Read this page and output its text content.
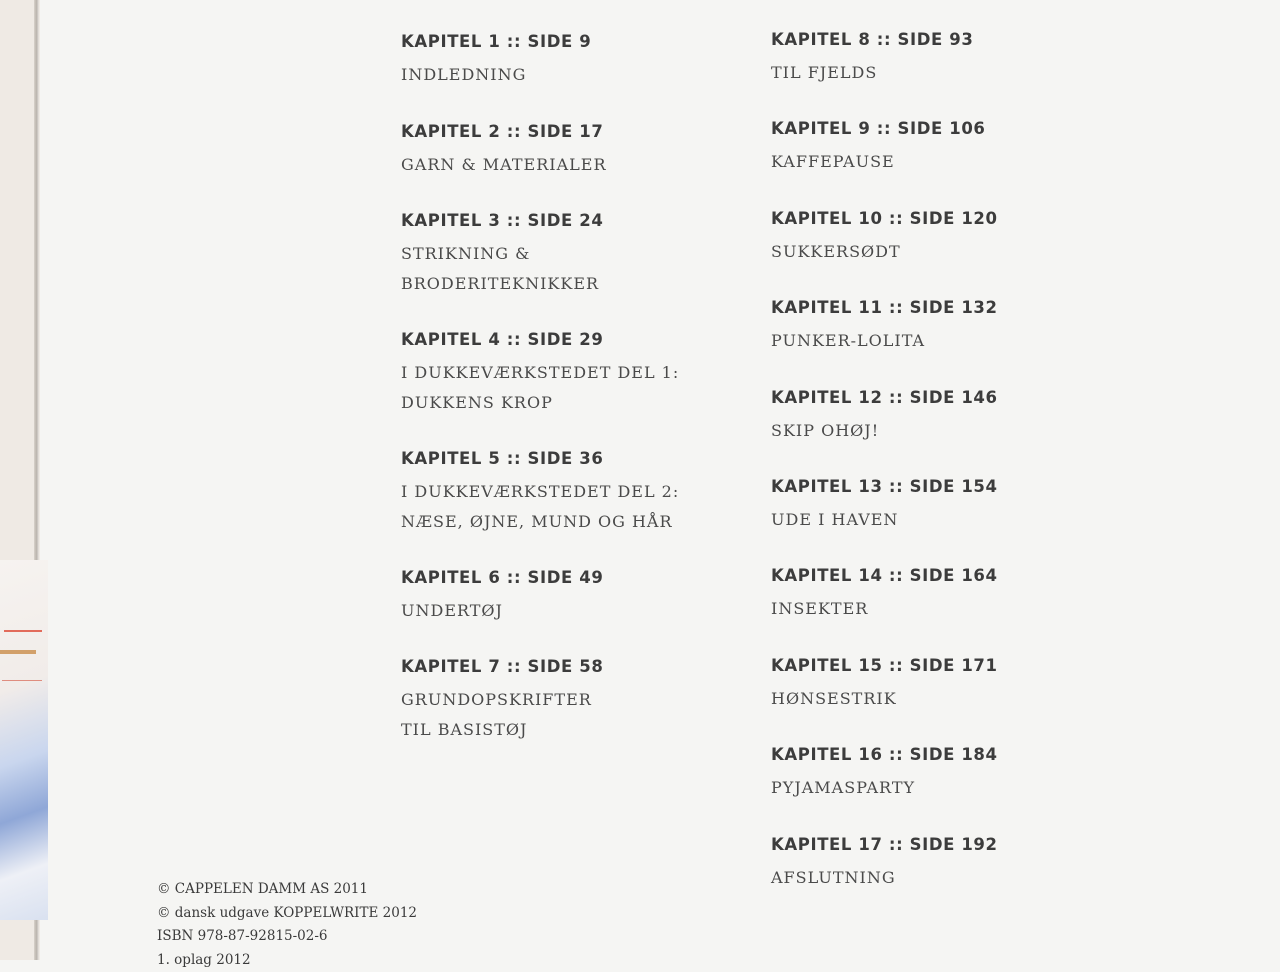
KAPITEL 1 :: SIDE 9
INDLEDNING
KAPITEL 2 :: SIDE 17
GARN & MATERIALER
KAPITEL 3 :: SIDE 24
STRIKNING &
BRODERITEKNIKKER
KAPITEL 4 :: SIDE 29
I DUKKEVÆRKSTEDET DEL 1:
DUKKENS KROP
KAPITEL 5 :: SIDE 36
I DUKKEVÆRKSTEDET DEL 2:
NÆSE, ØJNE, MUND OG HÅR
KAPITEL 6 :: SIDE 49
UNDERTØJ
KAPITEL 7 :: SIDE 58
GRUNDOPSKRIFTER
TIL BASISTØJ
KAPITEL 8 :: SIDE 93
TIL FJELDS
KAPITEL 9 :: SIDE 106
KAFFEPAUSE
KAPITEL 10 :: SIDE 120
SUKKERSØDT
KAPITEL 11 :: SIDE 132
PUNKER-LOLITA
KAPITEL 12 :: SIDE 146
SKIP OHØJ!
KAPITEL 13 :: SIDE 154
UDE I HAVEN
KAPITEL 14 :: SIDE 164
INSEKTER
KAPITEL 15 :: SIDE 171
HØNSESTRIK
KAPITEL 16 :: SIDE 184
PYJAMASPARTY
KAPITEL 17 :: SIDE 192
AFSLUTNING
© CAPPELEN DAMM AS 2011
© dansk udgave KOPPELWRITE 2012
ISBN 978-87-92815-02-6
1. oplag 2012
